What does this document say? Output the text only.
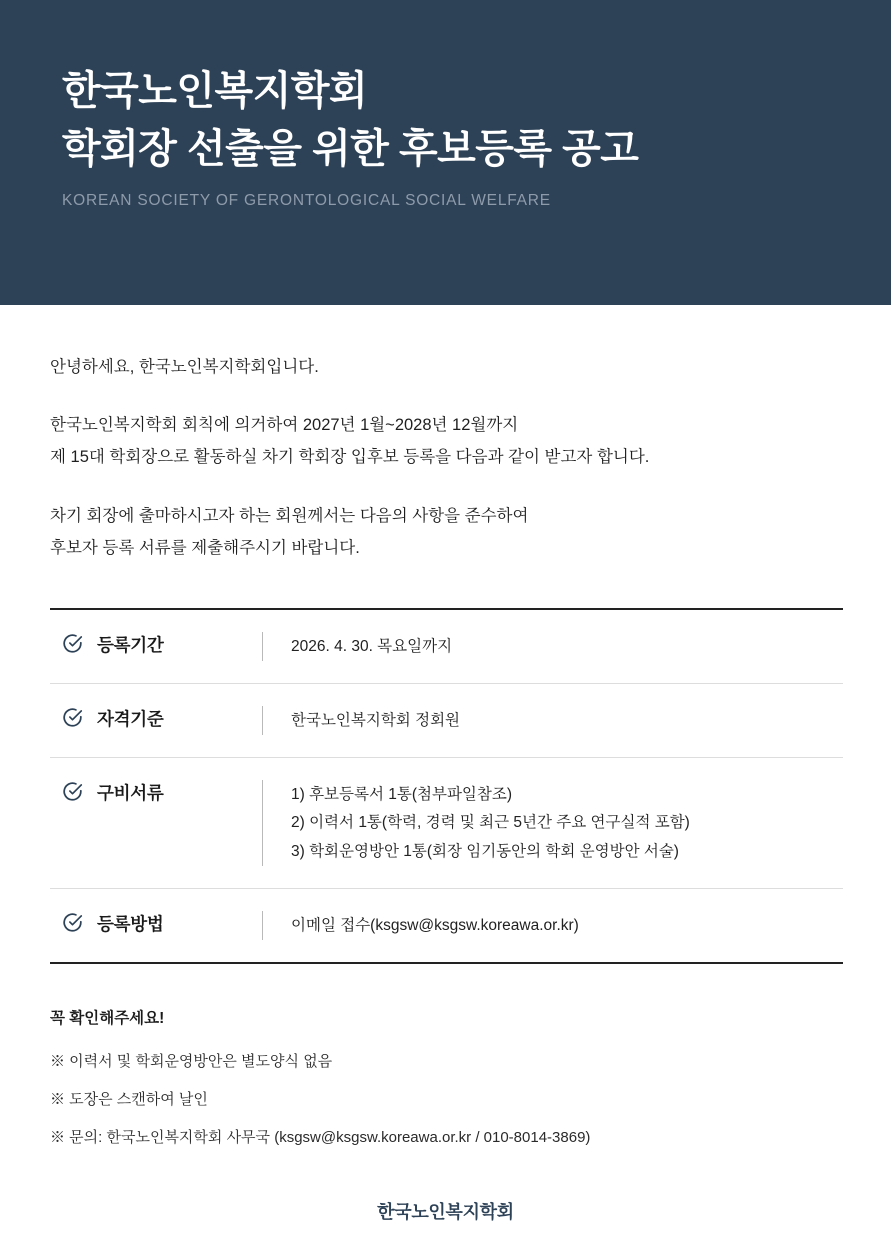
한국노인복지학회
학회장 선출을 위한 후보등록 공고
KOREAN SOCIETY OF GERONTOLOGICAL SOCIAL WELFARE

안녕하세요, 한국노인복지학회입니다.

한국노인복지학회 회칙에 의거하여 2027년 1월~2028년 12월까지
제 15대 학회장으로 활동하실 차기 학회장 입후보 등록을 다음과 같이 받고자 합니다.

차기 회장에 출마하시고자 하는 회원께서는 다음의 사항을 준수하여
후보자 등록 서류를 제출해주시기 바랍니다.

등록기간	2026. 4. 30. 목요일까지
자격기준	한국노인복지학회 정회원
구비서류	1) 후보등록서 1통(첨부파일참조)
2) 이력서 1통(학력, 경력 및 최근 5년간 주요 연구실적 포함)
3) 학회운영방안 1통(회장 임기동안의 학회 운영방안 서술)
등록방법	이메일 접수(ksgsw@ksgsw.koreawa.or.kr)
꼭 확인해주세요!
※ 이력서 및 학회운영방안은 별도양식 없음
※ 도장은 스캔하여 날인
※ 문의: 한국노인복지학회 사무국 (ksgsw@ksgsw.koreawa.or.kr / 010-8014-3869)
한국노인복지학회
